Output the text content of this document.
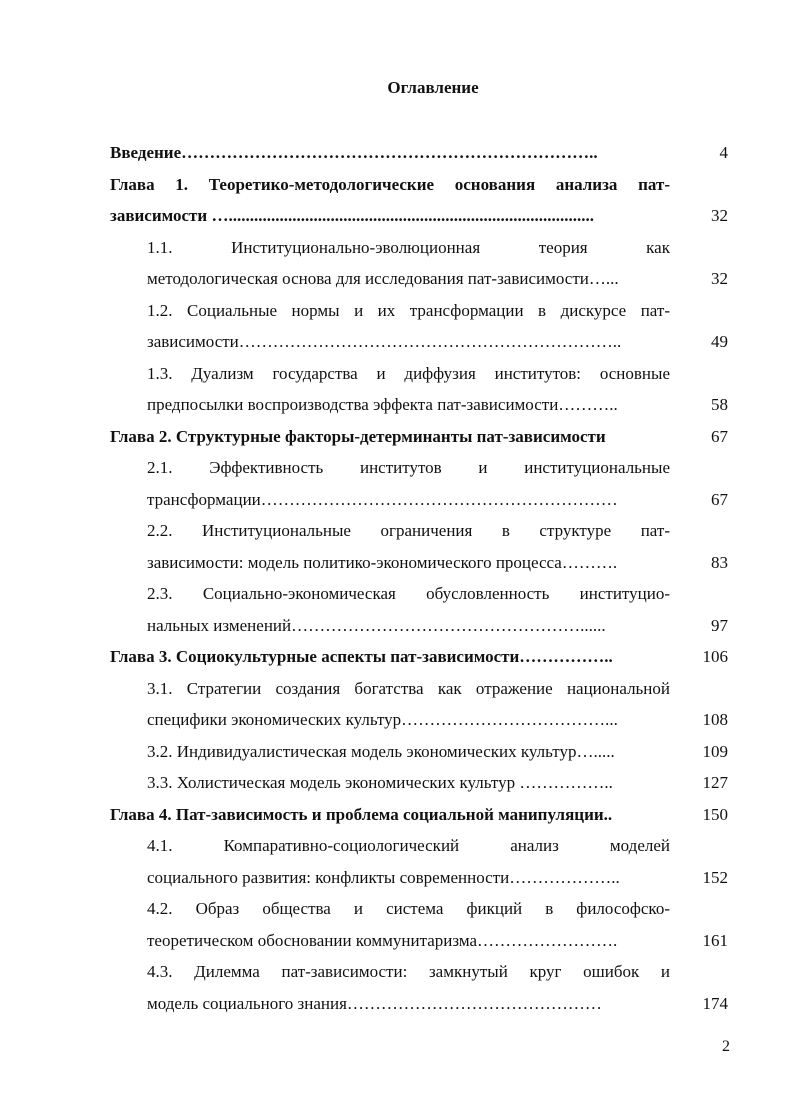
Оглавление
Введение………………………………………………………………..	4
Глава 1. Теоретико-методологические основания анализа пат-
зависимости …......................................................................................	32
1.1. Институционально-эволюционная теория как
методологическая основа для исследования пат-зависимости…...	32
1.2. Социальные нормы и их трансформации в дискурсе пат-
зависимости…………………………………………………………..	49
1.3. Дуализм государства и диффузия институтов: основные
предпосылки воспроизводства эффекта пат-зависимости………..	58
Глава 2. Структурные факторы-детерминанты пат-зависимости	67
2.1. Эффективность институтов и институциональные
трансформации………………………………………………………	67
2.2. Институциональные ограничения в структуре пат-
зависимости: модель политико-экономического процесса……….	83
2.3. Социально-экономическая обусловленность институцио-
нальных изменений……………………………………………......	97
Глава 3. Социокультурные аспекты пат-зависимости……………..	106
3.1. Стратегии создания богатства как отражение национальной
специфики экономических культур………………………………...	108
3.2. Индивидуалистическая модель экономических культур….....	109
3.3. Холистическая модель экономических культур ……………..	127
Глава 4. Пат-зависимость и проблема социальной манипуляции..	150
4.1. Компаративно-социологический анализ моделей
социального развития: конфликты современности………………..	152
4.2. Образ общества и система фикций в философско-
теоретическом обосновании коммунитаризма…………………….	161
4.3. Дилемма пат-зависимости: замкнутый круг ошибок и
модель социального знания………………………………………	174
2
